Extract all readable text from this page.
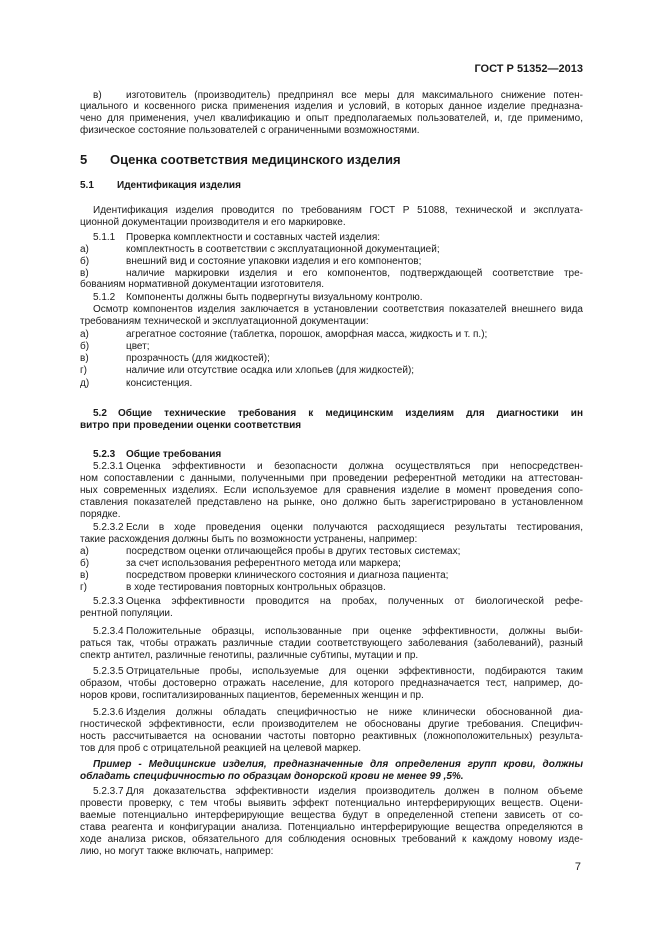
ГОСТ Р 51352—2013
в) изготовитель (производитель) предпринял все меры для максимального снижение потен-
циального и косвенного риска применения изделия и условий, в которых данное изделие предназна-
чено для применения, учел квалификацию и опыт предполагаемых пользователей, и, где применимо,
физическое состояние пользователей с ограниченными возможностями.
5 Оценка соответствия медицинского изделия
5.1 Идентификация изделия
Идентификация изделия проводится по требованиям ГОСТ Р 51088, технической и эксплуата-
ционной документации производителя и его маркировке.
5.1.1 Проверка комплектности и составных частей изделия:
а)	комплектность в соответствии с эксплуатационной документацией;
б)	внешний вид и состояние упаковки изделия и его компонентов;
в)	наличие маркировки изделия и его компонентов, подтверждающей соответствие тре-
бованиям нормативной документации изготовителя.
5.1.2 Компоненты должны быть подвергнуты визуальному контролю.
Осмотр компонентов изделия заключается в установлении соответствия показателей внешнего вида
требованиям технической и эксплуатационной документации:
а)	агрегатное состояние (таблетка, порошок, аморфная масса, жидкость и т. п.);
б)	цвет;
в)	прозрачность (для жидкостей);
г)	наличие или отсутствие осадка или хлопьев (для жидкостей);
д)	консистенция.
5.2 Общие технические требования к медицинским изделиям для диагностики ин
витро при проведении оценки соответствия
5.2.3 Общие требования
5.2.3.1 Оценка эффективности и безопасности должна осуществляться при непосредствен-
ном сопоставлении с данными, полученными при проведении референтной методики на аттестован-
ных современных изделиях. Если используемое для сравнения изделие в момент проведения сопо-
ставления показателей представлено на рынке, оно должно быть зарегистрировано в установленном
порядке.
5.2.3.2 Если в ходе проведения оценки получаются расходящиеся результаты тестирования,
такие расхождения должны быть по возможности устранены, например:
а)	посредством оценки отличающейся пробы в других тестовых системах;
б)	за счет использования референтного метода или маркера;
в)	посредством проверки клинического состояния и диагноза пациента;
г)	в ходе тестирования повторных контрольных образцов.
5.2.3.3 Оценка эффективности проводится на пробах, полученных от биологической рефе-
рентной популяции.
5.2.3.4 Положительные образцы, использованные при оценке эффективности, должны выби-
раться так, чтобы отражать различные стадии соответствующего заболевания (заболеваний), разный
спектр антител, различные генотипы, различные субтипы, мутации и пр.
5.2.3.5 Отрицательные пробы, используемые для оценки эффективности, подбираются таким
образом, чтобы достоверно отражать население, для которого предназначается тест, например, до-
норов крови, госпитализированных пациентов, беременных женщин и пр.
5.2.3.6 Изделия должны обладать специфичностью не ниже клинически обоснованной диа-
гностической эффективности, если производителем не обоснованы другие требования. Специфич-
ность рассчитывается на основании частоты повторно реактивных (ложноположительных) результа-
тов для проб с отрицательной реакцией на целевой маркер.
Пример - Медицинские изделия, предназначенные для определения групп крови, должны
обладать специфичностью по образцам донорской крови не менее 99 ,5%.
5.2.3.7 Для доказательства эффективности изделия производитель должен в полном объеме
провести проверку, с тем чтобы выявить эффект потенциально интерферирующих веществ. Оцени-
ваемые потенциально интерферирующие вещества будут в определенной степени зависеть от со-
става реагента и конфигурации анализа. Потенциально интерферирующие вещества определяются в
ходе анализа рисков, обязательного для соблюдения основных требований к каждому новому изде-
лию, но могут также включать, например:
7
